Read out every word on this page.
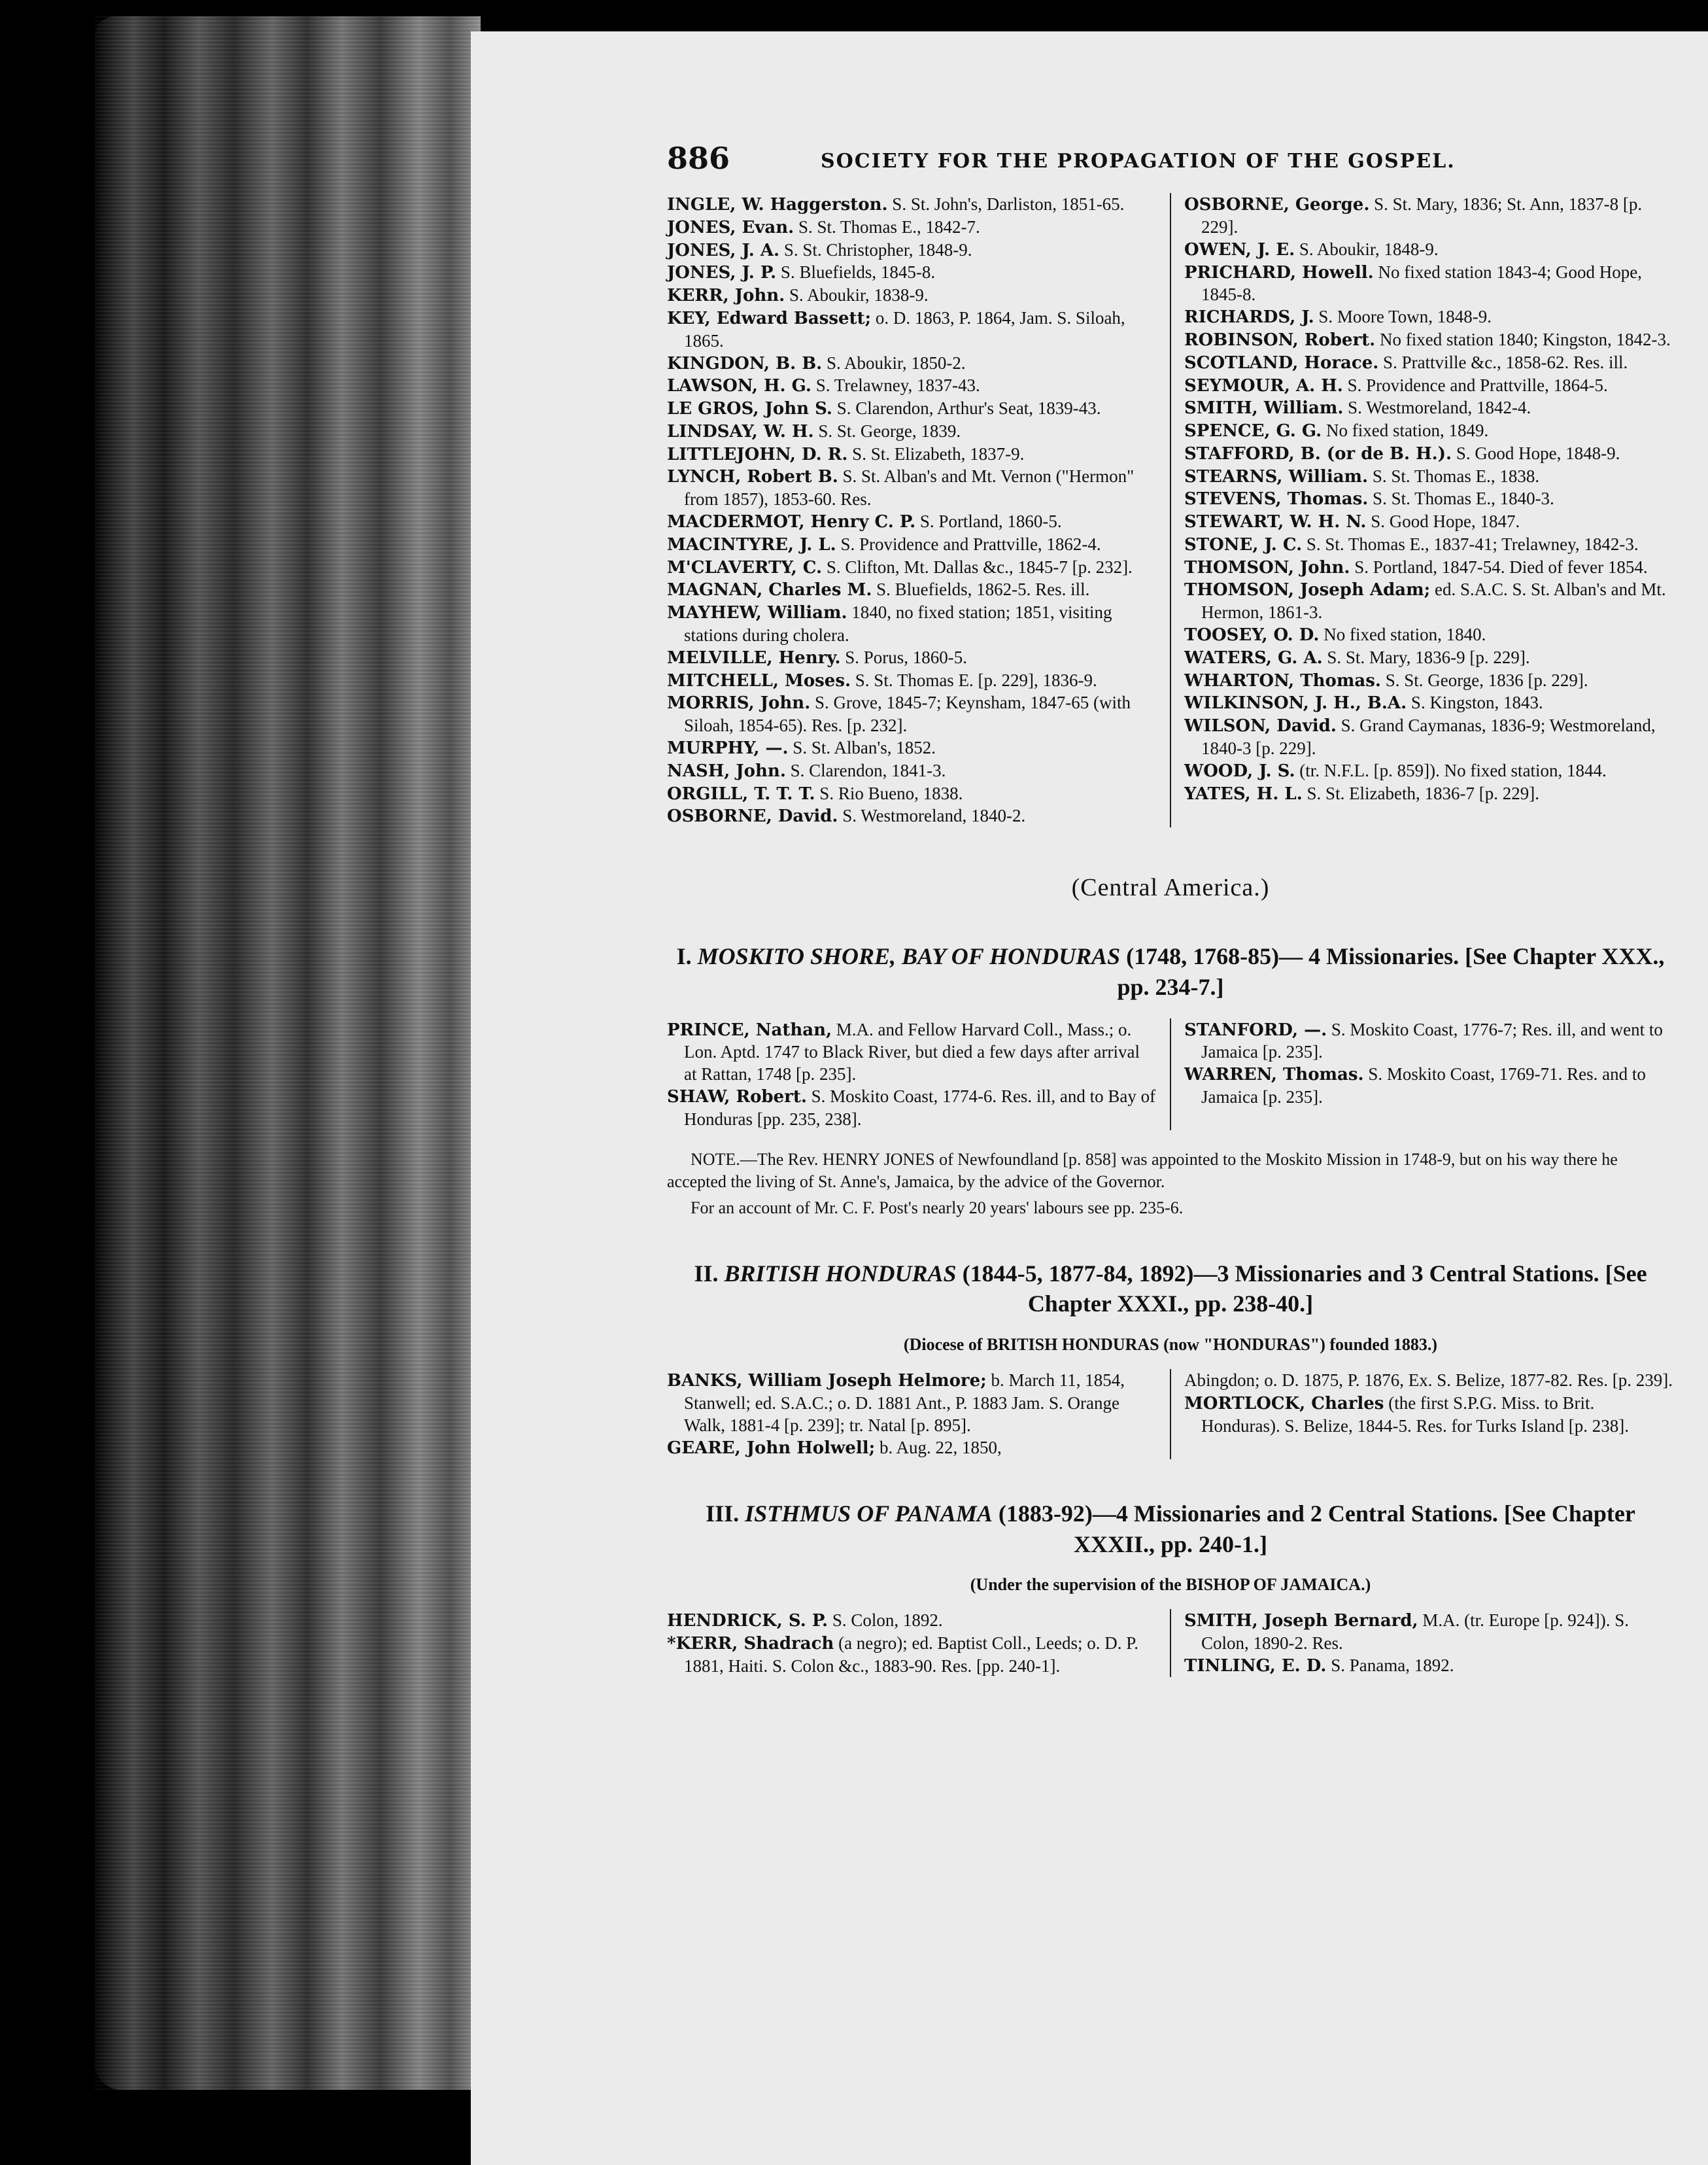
886	SOCIETY FOR THE PROPAGATION OF THE GOSPEL.
INGLE, W. Haggerston. S. St. John's, Darliston, 1851-65.
JONES, Evan. S. St. Thomas E., 1842-7.
JONES, J. A. S. St. Christopher, 1848-9.
JONES, J. P. S. Bluefields, 1845-8.
KERR, John. S. Aboukir, 1838-9.
KEY, Edward Bassett; o. D. 1863, P. 1864, Jam. S. Siloah, 1865.
KINGDON, B. B. S. Aboukir, 1850-2.
LAWSON, H. G. S. Trelawney, 1837-43.
LE GROS, John S. S. Clarendon, Arthur's Seat, 1839-43.
LINDSAY, W. H. S. St. George, 1839.
LITTLEJOHN, D. R. S. St. Elizabeth, 1837-9.
LYNCH, Robert B. S. St. Alban's and Mt. Vernon ("Hermon" from 1857), 1853-60. Res.
MACDERMOT, Henry C. P. S. Portland, 1860-5.
MACINTYRE, J. L. S. Providence and Prattville, 1862-4.
M'CLAVERTY, C. S. Clifton, Mt. Dallas &c., 1845-7 [p. 232].
MAGNAN, Charles M. S. Bluefields, 1862-5. Res. ill.
MAYHEW, William. 1840, no fixed station; 1851, visiting stations during cholera.
MELVILLE, Henry. S. Porus, 1860-5.
MITCHELL, Moses. S. St. Thomas E. [p. 229], 1836-9.
MORRIS, John. S. Grove, 1845-7; Keynsham, 1847-65 (with Siloah, 1854-65). Res. [p. 232].
MURPHY, —. S. St. Alban's, 1852.
NASH, John. S. Clarendon, 1841-3.
ORGILL, T. T. T. S. Rio Bueno, 1838.
OSBORNE, David. S. Westmoreland, 1840-2.
OSBORNE, George. S. St. Mary, 1836; St. Ann, 1837-8 [p. 229].
OWEN, J. E. S. Aboukir, 1848-9.
PRICHARD, Howell. No fixed station 1843-4; Good Hope, 1845-8.
RICHARDS, J. S. Moore Town, 1848-9.
ROBINSON, Robert. No fixed station 1840; Kingston, 1842-3.
SCOTLAND, Horace. S. Prattville &c., 1858-62. Res. ill.
SEYMOUR, A. H. S. Providence and Prattville, 1864-5.
SMITH, William. S. Westmoreland, 1842-4.
SPENCE, G. G. No fixed station, 1849.
STAFFORD, B. (or de B. H.). S. Good Hope, 1848-9.
STEARNS, William. S. St. Thomas E., 1838.
STEVENS, Thomas. S. St. Thomas E., 1840-3.
STEWART, W. H. N. S. Good Hope, 1847.
STONE, J. C. S. St. Thomas E., 1837-41; Trelawney, 1842-3.
THOMSON, John. S. Portland, 1847-54. Died of fever 1854.
THOMSON, Joseph Adam; ed. S.A.C. S. St. Alban's and Mt. Hermon, 1861-3.
TOOSEY, O. D. No fixed station, 1840.
WATERS, G. A. S. St. Mary, 1836-9 [p. 229].
WHARTON, Thomas. S. St. George, 1836 [p. 229].
WILKINSON, J. H., B.A. S. Kingston, 1843.
WILSON, David. S. Grand Caymanas, 1836-9; Westmoreland, 1840-3 [p. 229].
WOOD, J. S. (tr. N.F.L. [p. 859]). No fixed station, 1844.
YATES, H. L. S. St. Elizabeth, 1836-7 [p. 229].
(Central America.)
I. MOSKITO SHORE, BAY OF HONDURAS (1748, 1768-85)— 4 Missionaries. [See Chapter XXX., pp. 234-7.]
PRINCE, Nathan, M.A. and Fellow Harvard Coll., Mass.; o. Lon. Aptd. 1747 to Black River, but died a few days after arrival at Rattan, 1748 [p. 235].
SHAW, Robert. S. Moskito Coast, 1774-6. Res. ill, and to Bay of Honduras [pp. 235, 238].
STANFORD, —. S. Moskito Coast, 1776-7; Res. ill, and went to Jamaica [p. 235].
WARREN, Thomas. S. Moskito Coast, 1769-71. Res. and to Jamaica [p. 235].
NOTE.—The Rev. HENRY JONES of Newfoundland [p. 858] was appointed to the Moskito Mission in 1748-9, but on his way there he accepted the living of St. Anne's, Jamaica, by the advice of the Governor.
For an account of Mr. C. F. Post's nearly 20 years' labours see pp. 235-6.
II. BRITISH HONDURAS (1844-5, 1877-84, 1892)—3 Missionaries and 3 Central Stations. [See Chapter XXXI., pp. 238-40.]
(Diocese of BRITISH HONDURAS (now "HONDURAS") founded 1883.)
BANKS, William Joseph Helmore; b. March 11, 1854, Stanwell; ed. S.A.C.; o. D. 1881 Ant., P. 1883 Jam. S. Orange Walk, 1881-4 [p. 239]; tr. Natal [p. 895].
GEARE, John Holwell; b. Aug. 22, 1850,
Abingdon; o. D. 1875, P. 1876, Ex. S. Belize, 1877-82. Res. [p. 239].
MORTLOCK, Charles (the first S.P.G. Miss. to Brit. Honduras). S. Belize, 1844-5. Res. for Turks Island [p. 238].
III. ISTHMUS OF PANAMA (1883-92)—4 Missionaries and 2 Central Stations. [See Chapter XXXII., pp. 240-1.]
(Under the supervision of the BISHOP OF JAMAICA.)
HENDRICK, S. P. S. Colon, 1892.
*KERR, Shadrach (a negro); ed. Baptist Coll., Leeds; o. D. P. 1881, Haiti. S. Colon &c., 1883-90. Res. [pp. 240-1].
SMITH, Joseph Bernard, M.A. (tr. Europe [p. 924]). S. Colon, 1890-2. Res.
TINLING, E. D. S. Panama, 1892.
